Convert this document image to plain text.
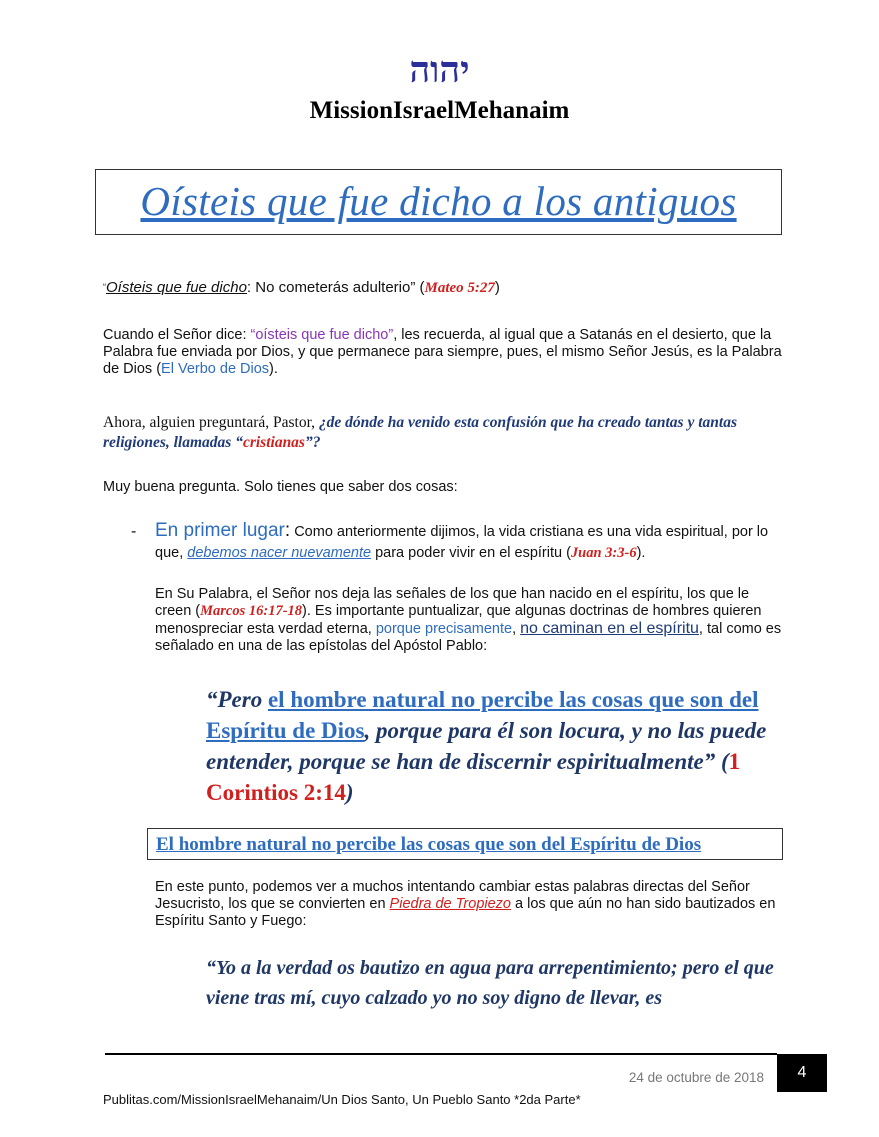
יהוה
MissionIsraelMehanaim
Oísteis que fue dicho a los antiguos
“Oísteis que fue dicho: No cometerás adulterio” (Mateo 5:27)
Cuando el Señor dice: “oísteis que fue dicho”, les recuerda, al igual que a Satanás en el desierto, que la Palabra fue enviada por Dios, y que permanece para siempre, pues, el mismo Señor Jesús, es la Palabra de Dios (El Verbo de Dios).
Ahora, alguien preguntará, Pastor, ¿de dónde ha venido esta confusión que ha creado tantas y tantas religiones, llamadas “cristianas”?
Muy buena pregunta. Solo tienes que saber dos cosas:
- En primer lugar: Como anteriormente dijimos, la vida cristiana es una vida espiritual, por lo que, debemos nacer nuevamente para poder vivir en el espíritu (Juan 3:3-6).
En Su Palabra, el Señor nos deja las señales de los que han nacido en el espíritu, los que le creen (Marcos 16:17-18). Es importante puntualizar, que algunas doctrinas de hombres quieren menospreciar esta verdad eterna, porque precisamente, no caminan en el espíritu, tal como es señalado en una de las epístolas del Apóstol Pablo:
“Pero el hombre natural no percibe las cosas que son del Espíritu de Dios, porque para él son locura, y no las puede entender, porque se han de discernir espiritualmente” (1 Corintios 2:14)
El hombre natural no percibe las cosas que son del Espíritu de Dios
En este punto, podemos ver a muchos intentando cambiar estas palabras directas del Señor Jesucristo, los que se convierten en Piedra de Tropiezo a los que aún no han sido bautizados en Espíritu Santo y Fuego:
“Yo a la verdad os bautizo en agua para arrepentimiento; pero el que viene tras mí, cuyo calzado yo no soy digno de llevar, es
24 de octubre de 2018	4
Publitas.com/MissionIsraelMehanaim/Un Dios Santo, Un Pueblo Santo *2da Parte*
